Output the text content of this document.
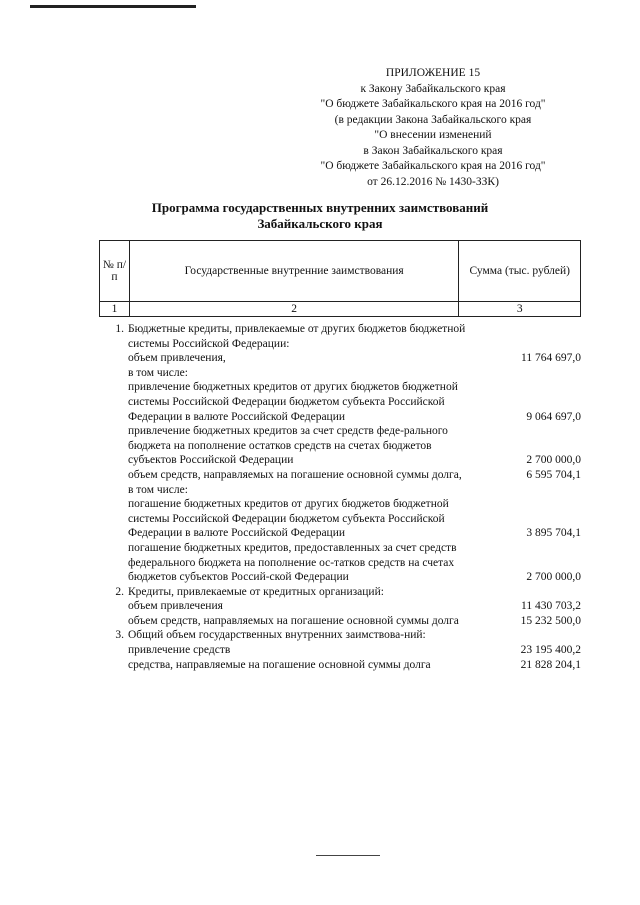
ПРИЛОЖЕНИЕ 15
к Закону Забайкальского края
"О бюджете Забайкальского края на 2016 год"
(в редакции Закона Забайкальского края
"О внесении изменений
в Закон Забайкальского края
"О бюджете Забайкальского края на 2016 год"
от 26.12.2016 № 1430-ЗЗК)
Программа государственных внутренних заимствований
Забайкальского края
№ п/п	Государственные внутренние заимствования	Сумма (тыс. рублей)
1	2	3
1. Бюджетные кредиты, привлекаемые от других бюджетов бюджетной системы Российской Федерации:
объем привлечения,	11 764 697,0
в том числе:
привлечение бюджетных кредитов от других бюджетов бюджетной системы Российской Федерации бюджетом субъекта Российской Федерации в валюте Российской Федерации	9 064 697,0
привлечение бюджетных кредитов за счет средств феде-рального бюджета на пополнение остатков средств на счетах бюджетов субъектов Российской Федерации	2 700 000,0
объем средств, направляемых на погашение основной суммы долга,	6 595 704,1
в том числе:
погашение бюджетных кредитов от других бюджетов бюджетной системы Российской Федерации бюджетом субъекта Российской Федерации в валюте Российской Федерации	3 895 704,1
погашение бюджетных кредитов, предоставленных за счет средств федерального бюджета на пополнение ос-татков средств на счетах бюджетов субъектов Россий-ской Федерации	2 700 000,0
2. Кредиты, привлекаемые от кредитных организаций:
объем привлечения	11 430 703,2
объем средств, направляемых на погашение основной суммы долга	15 232 500,0
3. Общий объем государственных внутренних заимствова-ний:
привлечение средств	23 195 400,2
средства, направляемые на погашение основной суммы долга	21 828 204,1
